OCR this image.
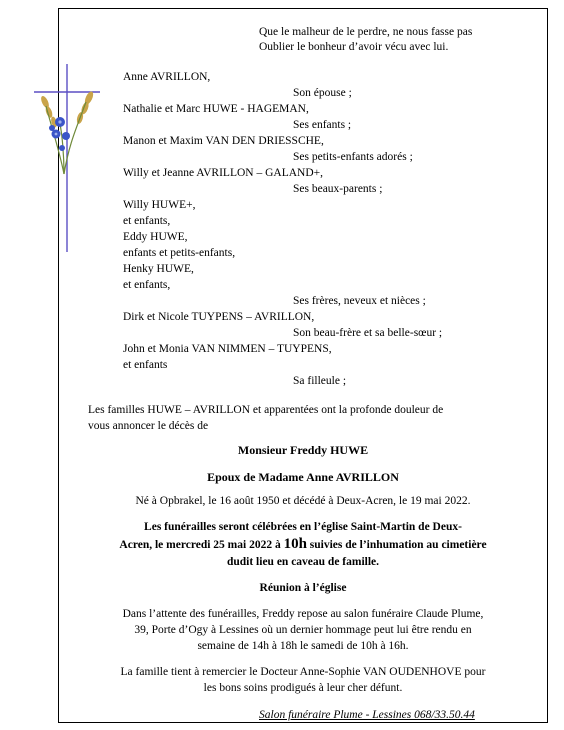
Que le malheur de le perdre, ne nous fasse pas
Oublier le bonheur d’avoir vécu avec lui.
Anne AVRILLON,
Son épouse ;
Nathalie et Marc HUWE - HAGEMAN,
Ses enfants ;
Manon et Maxim VAN DEN DRIESSCHE,
Ses petits-enfants adorés ;
Willy et Jeanne AVRILLON – GALAND+,
Ses beaux-parents ;
Willy HUWE+,
et enfants,
Eddy HUWE,
enfants et petits-enfants,
Henky HUWE,
et enfants,
Ses frères, neveux et nièces ;
Dirk et Nicole TUYPENS – AVRILLON,
Son beau-frère et sa belle-sœur ;
John et Monia VAN NIMMEN – TUYPENS,
et enfants
Sa filleule ;
Les familles HUWE – AVRILLON et apparentées ont la profonde douleur de
vous annoncer le décès de
Monsieur Freddy HUWE
Epoux de Madame Anne AVRILLON
Né à Opbrakel, le 16 août 1950 et décédé à Deux-Acren, le 19 mai 2022.
Les funérailles seront célébrées en l’église Saint-Martin de Deux-
Acren, le mercredi 25 mai 2022 à 10h suivies de l’inhumation au cimetière
dudit lieu en caveau de famille.
Réunion à l’église
Dans l’attente des funérailles, Freddy repose au salon funéraire Claude Plume,
39, Porte d’Ogy à Lessines où un dernier hommage peut lui être rendu en
semaine de 14h à 18h le samedi de 10h à 16h.
La famille tient à remercier le Docteur Anne-Sophie VAN OUDENHOVE pour
les bons soins prodigués à leur cher défunt.
Salon funéraire Plume - Lessines 068/33.50.44
